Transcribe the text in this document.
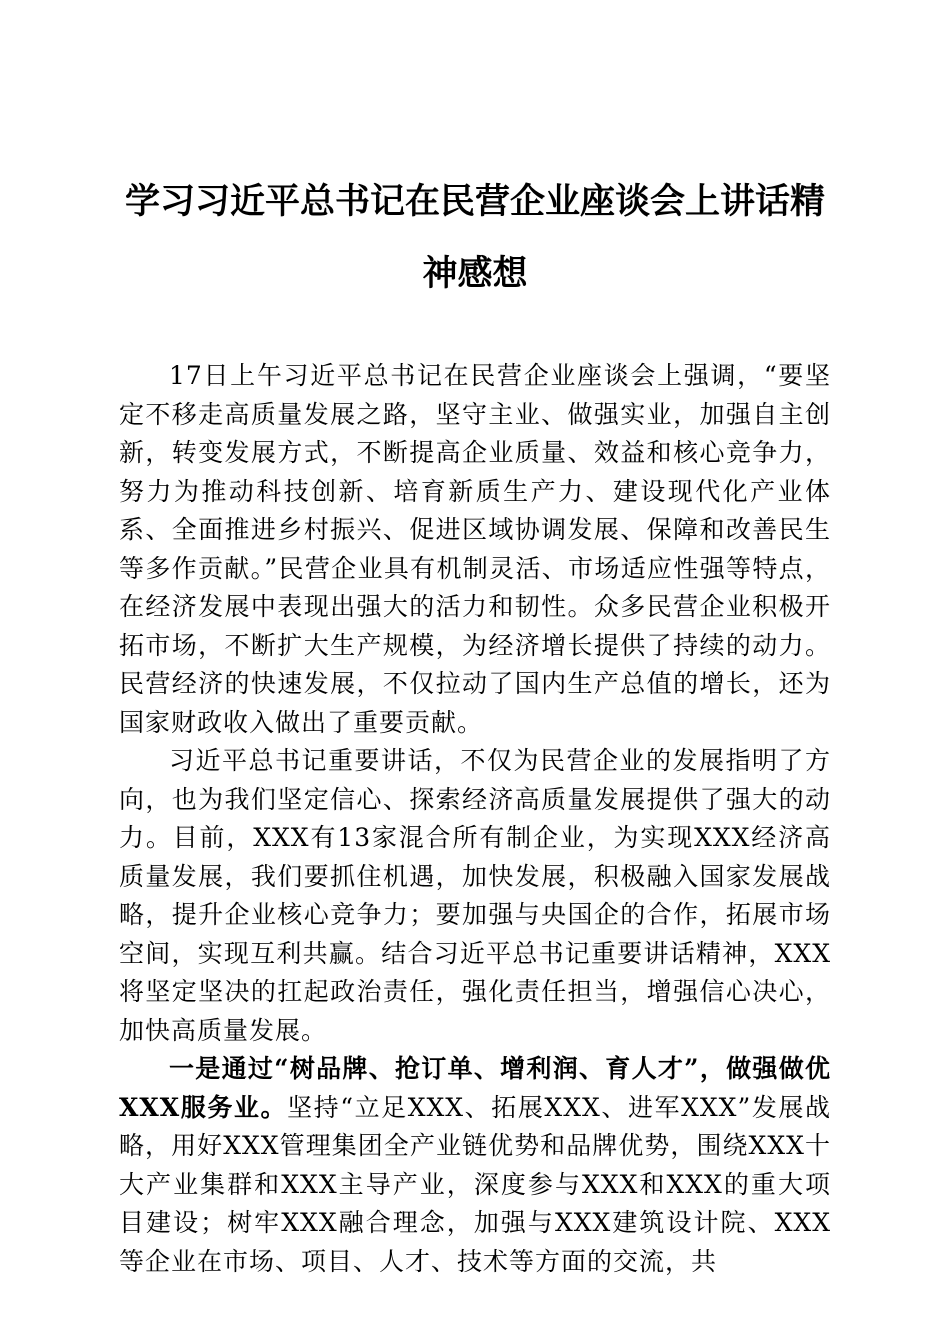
学习习近平总书记在民营企业座谈会上讲话精神感想

17日上午习近平总书记在民营企业座谈会上强调，“要坚定不移走高质量发展之路，坚守主业、做强实业，加强自主创新，转变发展方式，不断提高企业质量、效益和核心竞争力，努力为推动科技创新、培育新质生产力、建设现代化产业体系、全面推进乡村振兴、促进区域协调发展、保障和改善民生等多作贡献。”民营企业具有机制灵活、市场适应性强等特点，在经济发展中表现出强大的活力和韧性。众多民营企业积极开拓市场，不断扩大生产规模，为经济增长提供了持续的动力。民营经济的快速发展，不仅拉动了国内生产总值的增长，还为国家财政收入做出了重要贡献。

习近平总书记重要讲话，不仅为民营企业的发展指明了方向，也为我们坚定信心、探索经济高质量发展提供了强大的动力。目前，XXX有13家混合所有制企业，为实现XXX经济高质量发展，我们要抓住机遇，加快发展，积极融入国家发展战略，提升企业核心竞争力；要加强与央国企的合作，拓展市场空间，实现互利共赢。结合习近平总书记重要讲话精神，XXX将坚定坚决的扛起政治责任，强化责任担当，增强信心决心，加快高质量发展。

一是通过“树品牌、抢订单、增利润、育人才”，做强做优XXX服务业。坚持“立足XXX、拓展XXX、进军XXX”发展战略，用好XXX管理集团全产业链优势和品牌优势，围绕XXX十大产业集群和XXX主导产业，深度参与XXX和XXX的重大项目建设；树牢XXX融合理念，加强与XXX建筑设计院、XXX等企业在市场、项目、人才、技术等方面的交流，共
